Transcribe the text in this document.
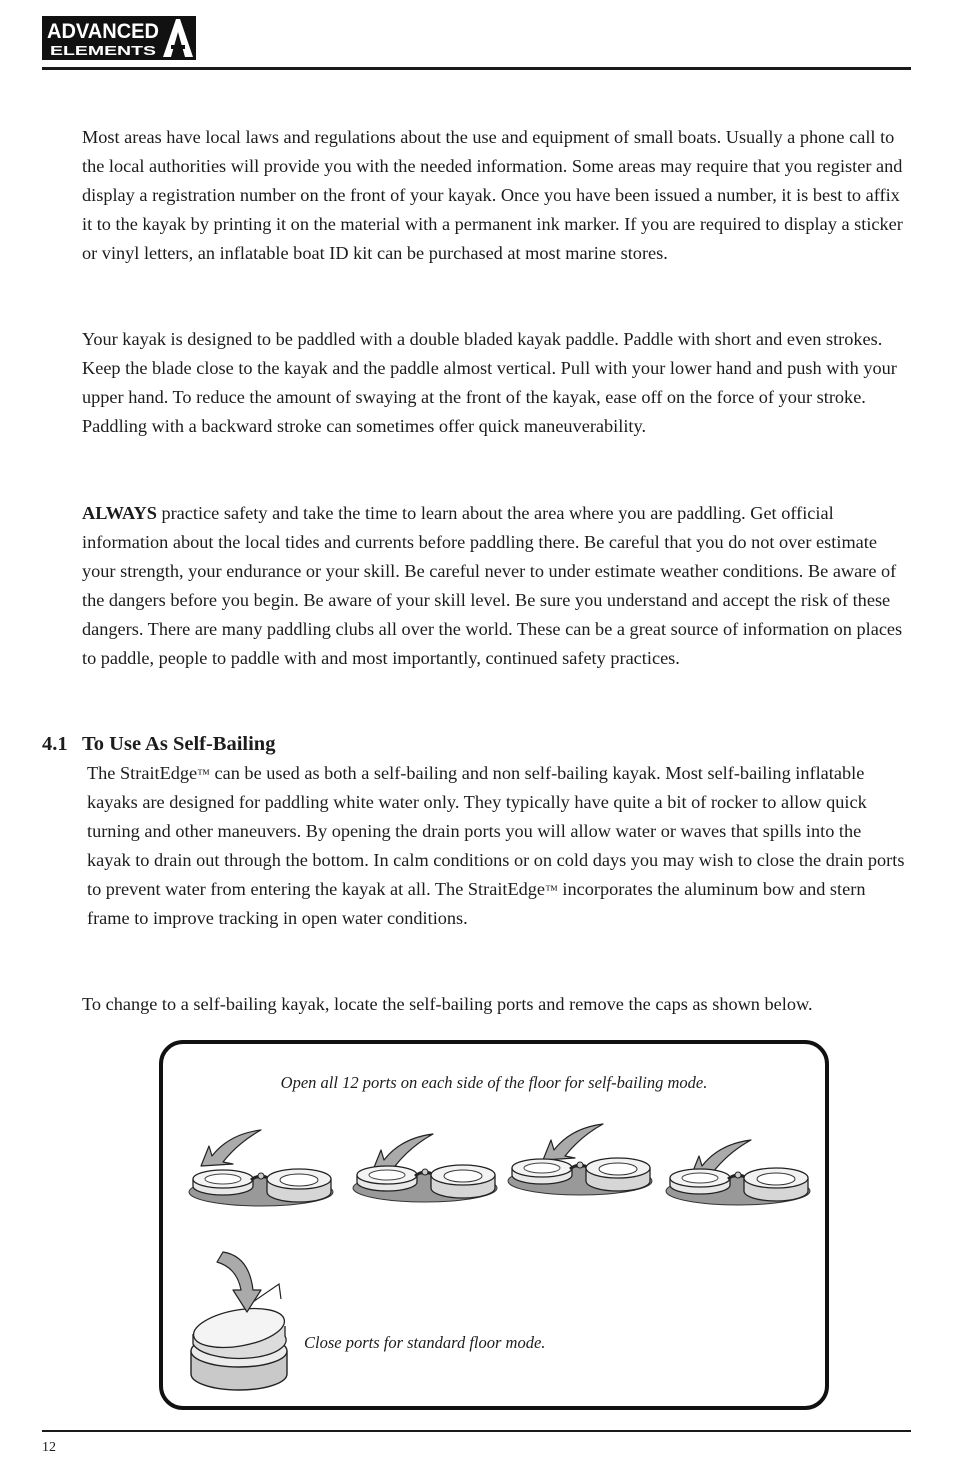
ADVANCED
ELEMENTS

Most areas have local laws and regulations about the use and equipment of small boats. Usually a phone call to the local authorities will provide you with the needed information. Some areas may require that you register and display a registration number on the front of your kayak. Once you have been issued a number, it is best to affix it to the kayak by printing it on the material with a permanent ink marker. If you are required to display a sticker or vinyl letters, an inflatable boat ID kit can be purchased at most marine stores.

Your kayak is designed to be paddled with a double bladed kayak paddle. Paddle with short and even strokes. Keep the blade close to the kayak and the paddle almost vertical. Pull with your lower hand and push with your upper hand. To reduce the amount of swaying at the front of the kayak, ease off on the force of your stroke. Paddling with a backward stroke can sometimes offer quick maneuverability.

ALWAYS practice safety and take the time to learn about the area where you are paddling. Get official information about the local tides and currents before paddling there. Be careful that you do not over estimate your strength, your endurance or your skill. Be careful never to under estimate weather conditions. Be aware of the dangers before you begin. Be aware of your skill level. Be sure you understand and accept the risk of these dangers. There are many paddling clubs all over the world. These can be a great source of information on places to paddle, people to paddle with and most importantly, continued safety practices.

4.1 To Use As Self-Bailing

The StraitEdge™ can be used as both a self-bailing and non self-bailing kayak. Most self-bailing inflatable kayaks are designed for paddling white water only. They typically have quite a bit of rocker to allow quick turning and other maneuvers. By opening the drain ports you will allow water or waves that spills into the kayak to drain out through the bottom. In calm conditions or on cold days you may wish to close the drain ports to prevent water from entering the kayak at all. The StraitEdge™ incorporates the aluminum bow and stern frame to improve tracking in open water conditions.

To change to a self-bailing kayak, locate the self-bailing ports and remove the caps as shown below.

Open all 12 ports on each side of the floor for self-bailing mode.

Close ports for standard floor mode.

12
